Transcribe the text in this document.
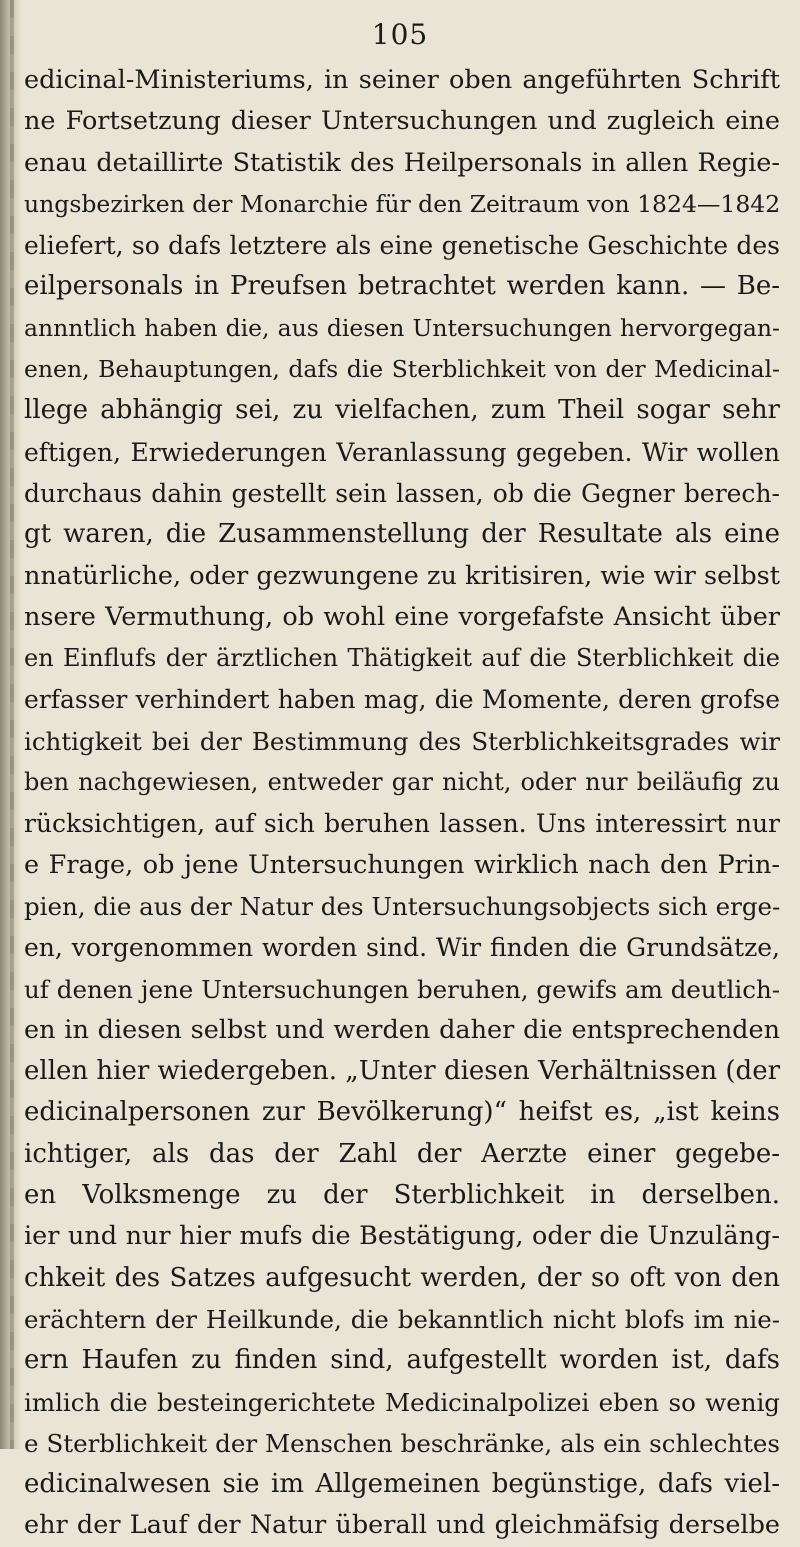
105
edicinal-Ministeriums, in seiner oben angeführten Schrift
ne Fortsetzung dieser Untersuchungen und zugleich eine
enau detaillirte Statistik des Heilpersonals in allen Regie-
ungsbezirken der Monarchie für den Zeitraum von 1824—1842
eliefert, so dafs letztere als eine genetische Geschichte des
eilpersonals in Preufsen betrachtet werden kann. — Be-
annntlich haben die, aus diesen Untersuchungen hervorgegan-
enen, Behauptungen, dafs die Sterblichkeit von der Medicinal-
llege abhängig sei, zu vielfachen, zum Theil sogar sehr
eftigen, Erwiederungen Veranlassung gegeben. Wir wollen
durchaus dahin gestellt sein lassen, ob die Gegner berech-
gt waren, die Zusammenstellung der Resultate als eine
nnatürliche, oder gezwungene zu kritisiren, wie wir selbst
nsere Vermuthung, ob wohl eine vorgefafste Ansicht über
en Einflufs der ärztlichen Thätigkeit auf die Sterblichkeit die
erfasser verhindert haben mag, die Momente, deren grofse
ichtigkeit bei der Bestimmung des Sterblichkeitsgrades wir
ben nachgewiesen, entweder gar nicht, oder nur beiläufig zu
rücksichtigen, auf sich beruhen lassen. Uns interessirt nur
e Frage, ob jene Untersuchungen wirklich nach den Prin-
pien, die aus der Natur des Untersuchungsobjects sich erge-
en, vorgenommen worden sind. Wir finden die Grundsätze,
uf denen jene Untersuchungen beruhen, gewifs am deutlich-
en in diesen selbst und werden daher die entsprechenden
ellen hier wiedergeben. „Unter diesen Verhältnissen (der
edicinalpersonen zur Bevölkerung)“ heifst es, „ist keins
ichtiger, als das der Zahl der Aerzte einer gegebe-
en Volksmenge zu der Sterblichkeit in derselben.
ier und nur hier mufs die Bestätigung, oder die Unzuläng-
chkeit des Satzes aufgesucht werden, der so oft von den
erächtern der Heilkunde, die bekanntlich nicht blofs im nie-
ern Haufen zu finden sind, aufgestellt worden ist, dafs
imlich die besteingerichtete Medicinalpolizei eben so wenig
e Sterblichkeit der Menschen beschränke, als ein schlechtes
edicinalwesen sie im Allgemeinen begünstige, dafs viel-
ehr der Lauf der Natur überall und gleichmäfsig derselbe
